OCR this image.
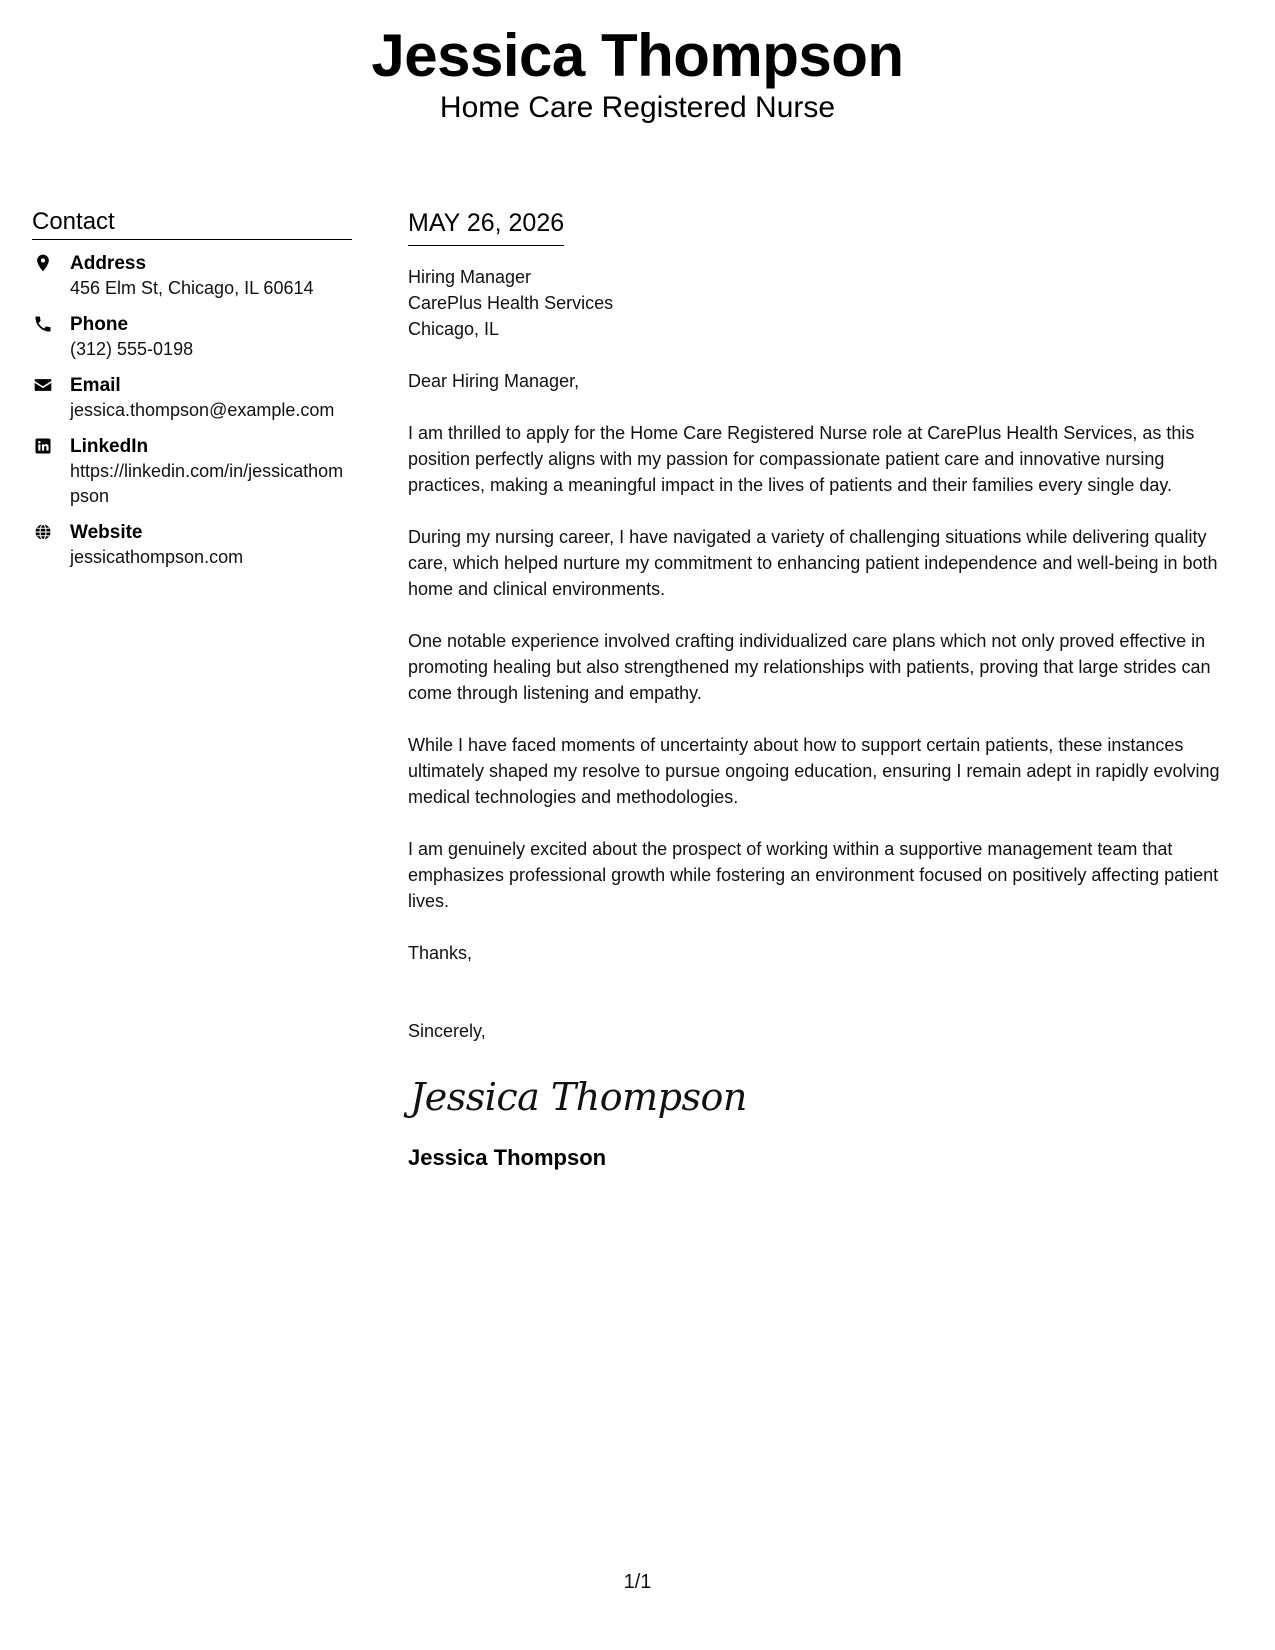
Jessica Thompson
Home Care Registered Nurse
Contact
Address
456 Elm St, Chicago, IL 60614
Phone
(312) 555-0198
Email
jessica.thompson@example.com
LinkedIn
https://linkedin.com/in/jessicathompson
Website
jessicathompson.com
MAY 26, 2026
Hiring Manager
CarePlus Health Services
Chicago, IL
Dear Hiring Manager,
I am thrilled to apply for the Home Care Registered Nurse role at CarePlus Health Services, as this position perfectly aligns with my passion for compassionate patient care and innovative nursing practices, making a meaningful impact in the lives of patients and their families every single day.
During my nursing career, I have navigated a variety of challenging situations while delivering quality care, which helped nurture my commitment to enhancing patient independence and well-being in both home and clinical environments.
One notable experience involved crafting individualized care plans which not only proved effective in promoting healing but also strengthened my relationships with patients, proving that large strides can come through listening and empathy.
While I have faced moments of uncertainty about how to support certain patients, these instances ultimately shaped my resolve to pursue ongoing education, ensuring I remain adept in rapidly evolving medical technologies and methodologies.
I am genuinely excited about the prospect of working within a supportive management team that emphasizes professional growth while fostering an environment focused on positively affecting patient lives.
Thanks,
Sincerely,
Jessica Thompson
Jessica Thompson
1/1
